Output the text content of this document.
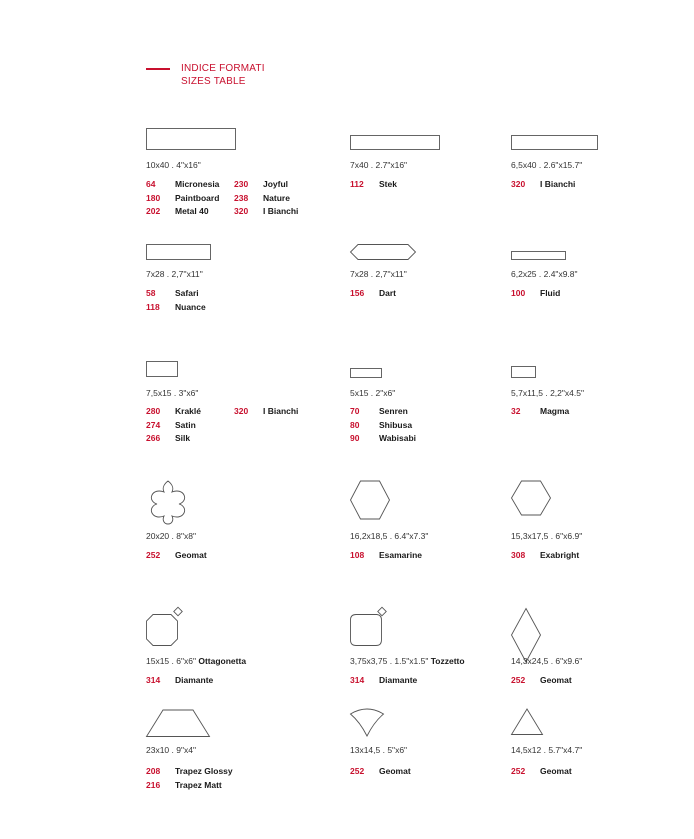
INDICE FORMATI
SIZES TABLE
10x40 . 4"x16"
64 Micronesia
180 Paintboard
202 Metal 40
230 Joyful
238 Nature
320 I Bianchi
7x40 . 2.7"x16"
112 Stek
6,5x40 . 2.6"x15.7"
320 I Bianchi
7x28 . 2,7''x11''
58 Safari
118 Nuance
7x28 . 2,7''x11''
156 Dart
6,2x25 . 2.4"x9.8"
100 Fluid
7,5x15 . 3"x6"
280 Kraklé
274 Satin
266 Silk
320 I Bianchi
5x15 . 2"x6"
70 Senren
80 Shibusa
90 Wabisabi
5,7x11,5 . 2,2"x4.5"
32 Magma
20x20 . 8"x8"
252 Geomat
16,2x18,5 . 6.4"x7.3"
108 Esamarine
15,3x17,5 . 6"x6.9"
308 Exabright
15x15 . 6"x6" Ottagonetta
314 Diamante
3,75x3,75 . 1.5"x1.5" Tozzetto
314 Diamante
14,3x24,5 . 6"x9.6"
252 Geomat
23x10 . 9"x4"
208 Trapez Glossy
216 Trapez Matt
13x14,5 . 5"x6"
252 Geomat
14,5x12 . 5.7"x4.7"
252 Geomat
